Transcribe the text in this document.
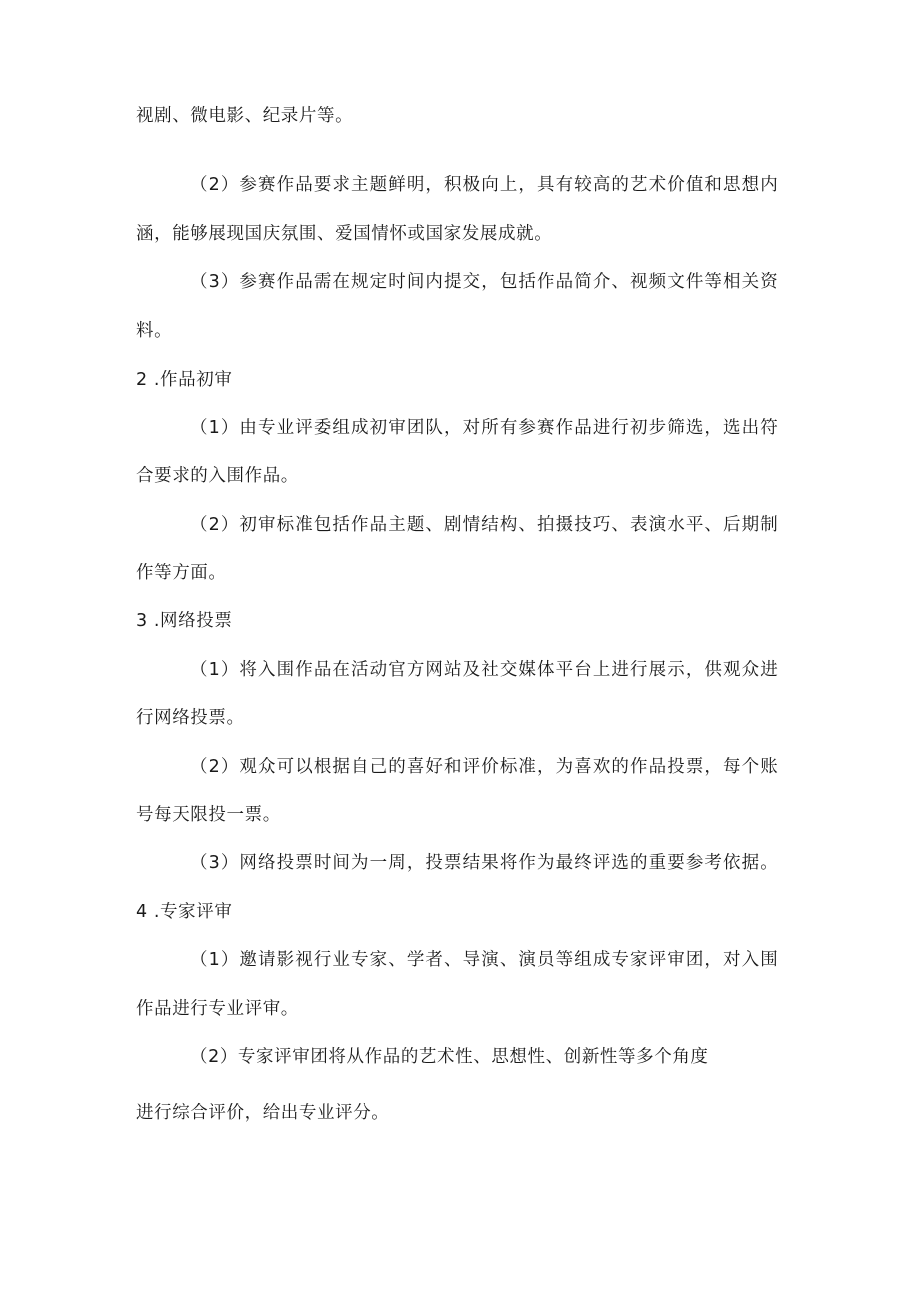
视剧、微电影、纪录片等。
（2）参赛作品要求主题鲜明，积极向上，具有较高的艺术价值和思想内
涵，能够展现国庆氛围、爱国情怀或国家发展成就。
（3）参赛作品需在规定时间内提交，包括作品简介、视频文件等相关资
料。
2 .作品初审
（1）由专业评委组成初审团队，对所有参赛作品进行初步筛选，选出符
合要求的入围作品。
（2）初审标准包括作品主题、剧情结构、拍摄技巧、表演水平、后期制
作等方面。
3 .网络投票
（1）将入围作品在活动官方网站及社交媒体平台上进行展示，供观众进
行网络投票。
（2）观众可以根据自己的喜好和评价标准，为喜欢的作品投票，每个账
号每天限投一票。
（3）网络投票时间为一周，投票结果将作为最终评选的重要参考依据。
4 .专家评审
（1）邀请影视行业专家、学者、导演、演员等组成专家评审团，对入围
作品进行专业评审。
（2）专家评审团将从作品的艺术性、思想性、创新性等多个角度
进行综合评价，给出专业评分。
